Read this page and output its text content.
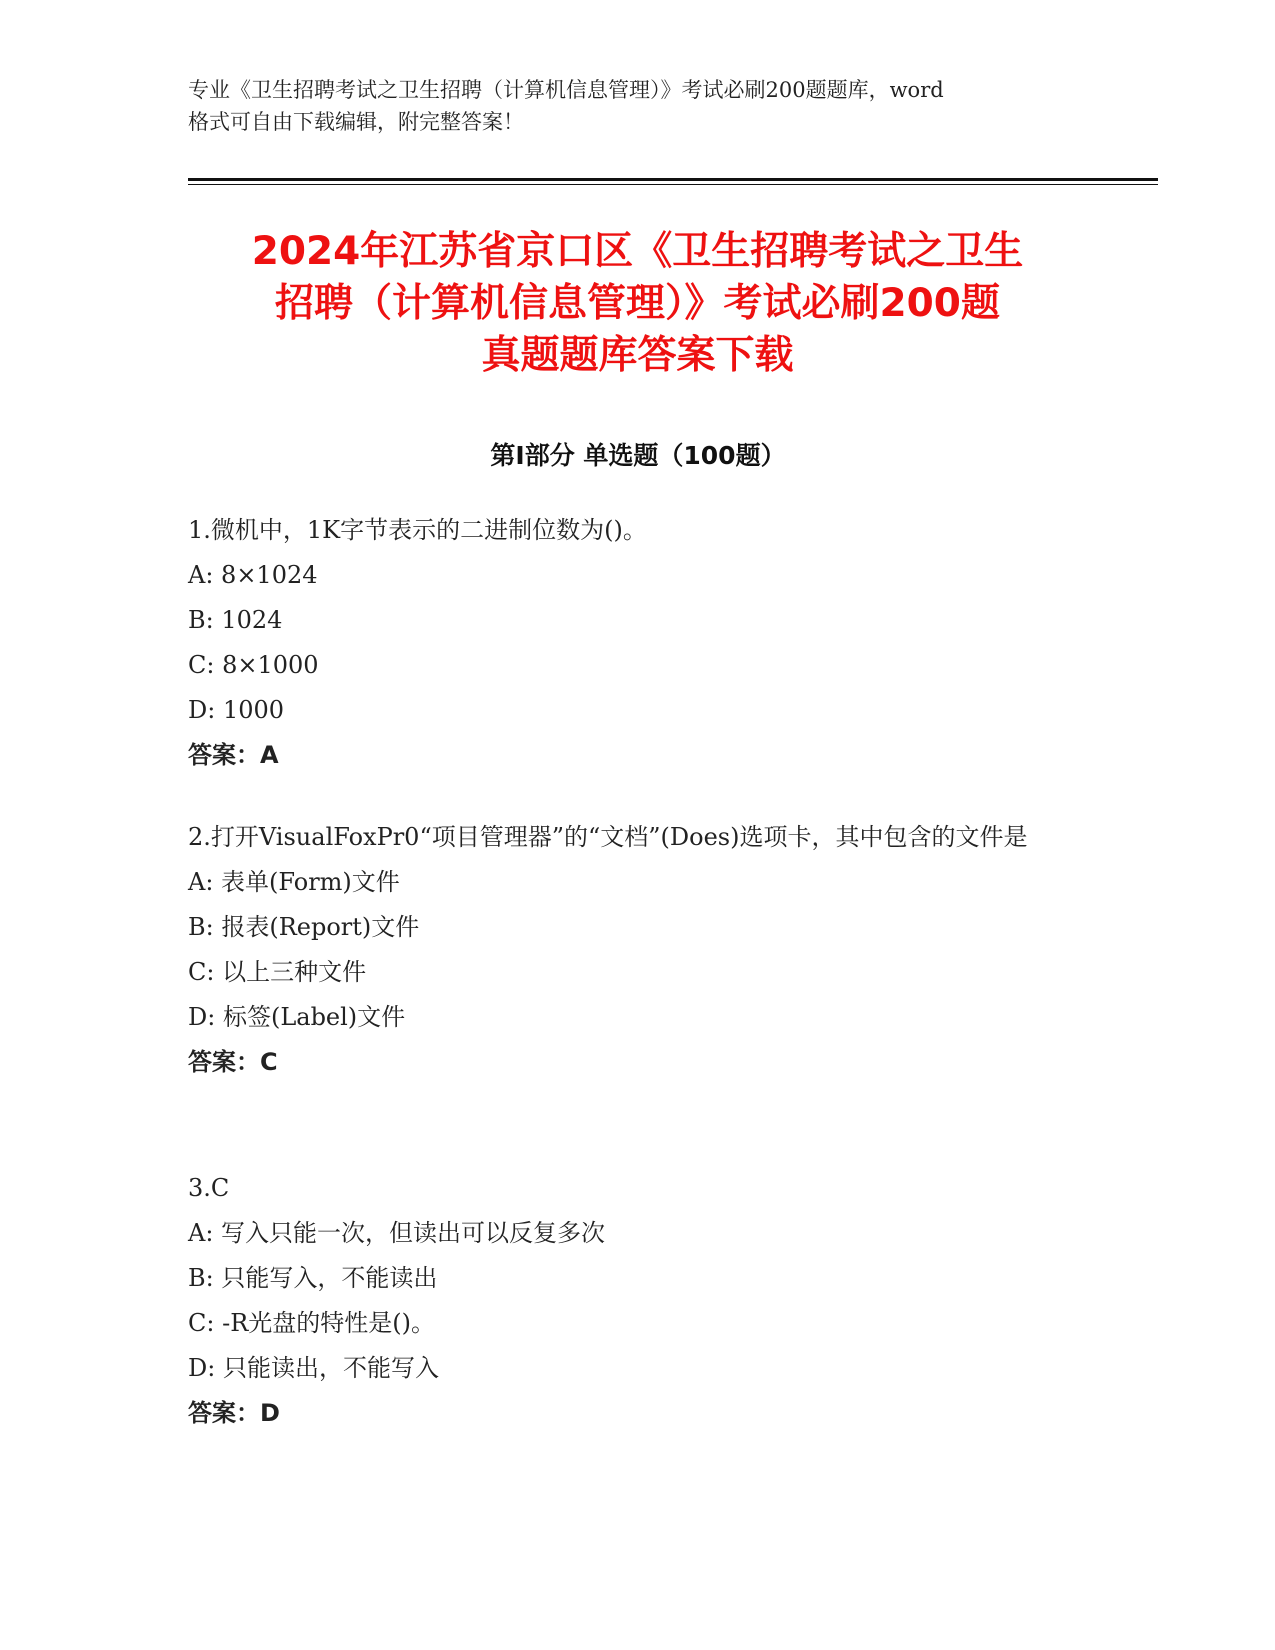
专业《卫生招聘考试之卫生招聘（计算机信息管理）》考试必刷200题题库，word
格式可自由下载编辑，附完整答案！
2024年江苏省京口区《卫生招聘考试之卫生
招聘（计算机信息管理）》考试必刷200题
真题题库答案下载
第Ⅰ部分 单选题（100题）
1.微机中，1K字节表示的二进制位数为()。
A: 8×1024
B: 1024
C: 8×1000
D: 1000
答案：A
2.打开VisualFoxPr0“项目管理器”的“文档”(Does)选项卡，其中包含的文件是
A: 表单(Form)文件
B: 报表(Report)文件
C: 以上三种文件
D: 标签(Label)文件
答案：C
3.C
A: 写入只能一次，但读出可以反复多次
B: 只能写入，不能读出
C: -R光盘的特性是()。
D: 只能读出，不能写入
答案：D
